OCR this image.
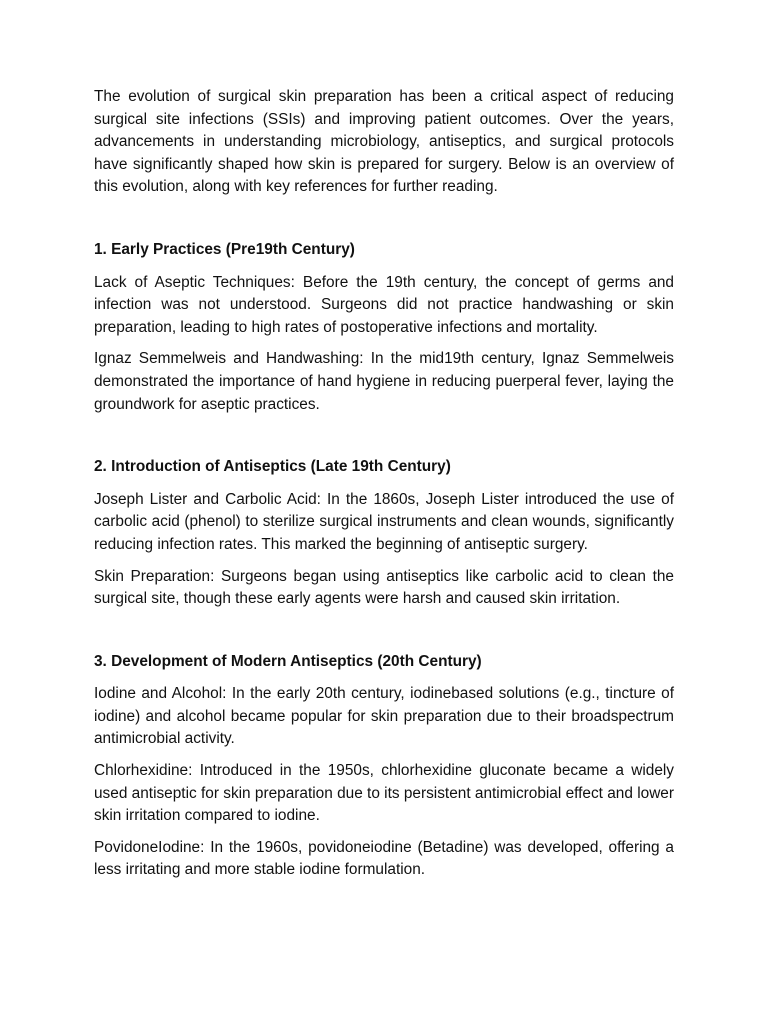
The evolution of surgical skin preparation has been a critical aspect of reducing surgical site infections (SSIs) and improving patient outcomes. Over the years, advancements in understanding microbiology, antiseptics, and surgical protocols have significantly shaped how skin is prepared for surgery. Below is an overview of this evolution, along with key references for further reading.

1. Early Practices (Pre19th Century)

Lack of Aseptic Techniques: Before the 19th century, the concept of germs and infection was not understood. Surgeons did not practice handwashing or skin preparation, leading to high rates of postoperative infections and mortality.

Ignaz Semmelweis and Handwashing: In the mid19th century, Ignaz Semmelweis demonstrated the importance of hand hygiene in reducing puerperal fever, laying the groundwork for aseptic practices.

2. Introduction of Antiseptics (Late 19th Century)

Joseph Lister and Carbolic Acid: In the 1860s, Joseph Lister introduced the use of carbolic acid (phenol) to sterilize surgical instruments and clean wounds, significantly reducing infection rates. This marked the beginning of antiseptic surgery.

Skin Preparation: Surgeons began using antiseptics like carbolic acid to clean the surgical site, though these early agents were harsh and caused skin irritation.

3. Development of Modern Antiseptics (20th Century)

Iodine and Alcohol: In the early 20th century, iodinebased solutions (e.g., tincture of iodine) and alcohol became popular for skin preparation due to their broadspectrum antimicrobial activity.

Chlorhexidine: Introduced in the 1950s, chlorhexidine gluconate became a widely used antiseptic for skin preparation due to its persistent antimicrobial effect and lower skin irritation compared to iodine.

PovidoneIodine: In the 1960s, povidoneiodine (Betadine) was developed, offering a less irritating and more stable iodine formulation.
